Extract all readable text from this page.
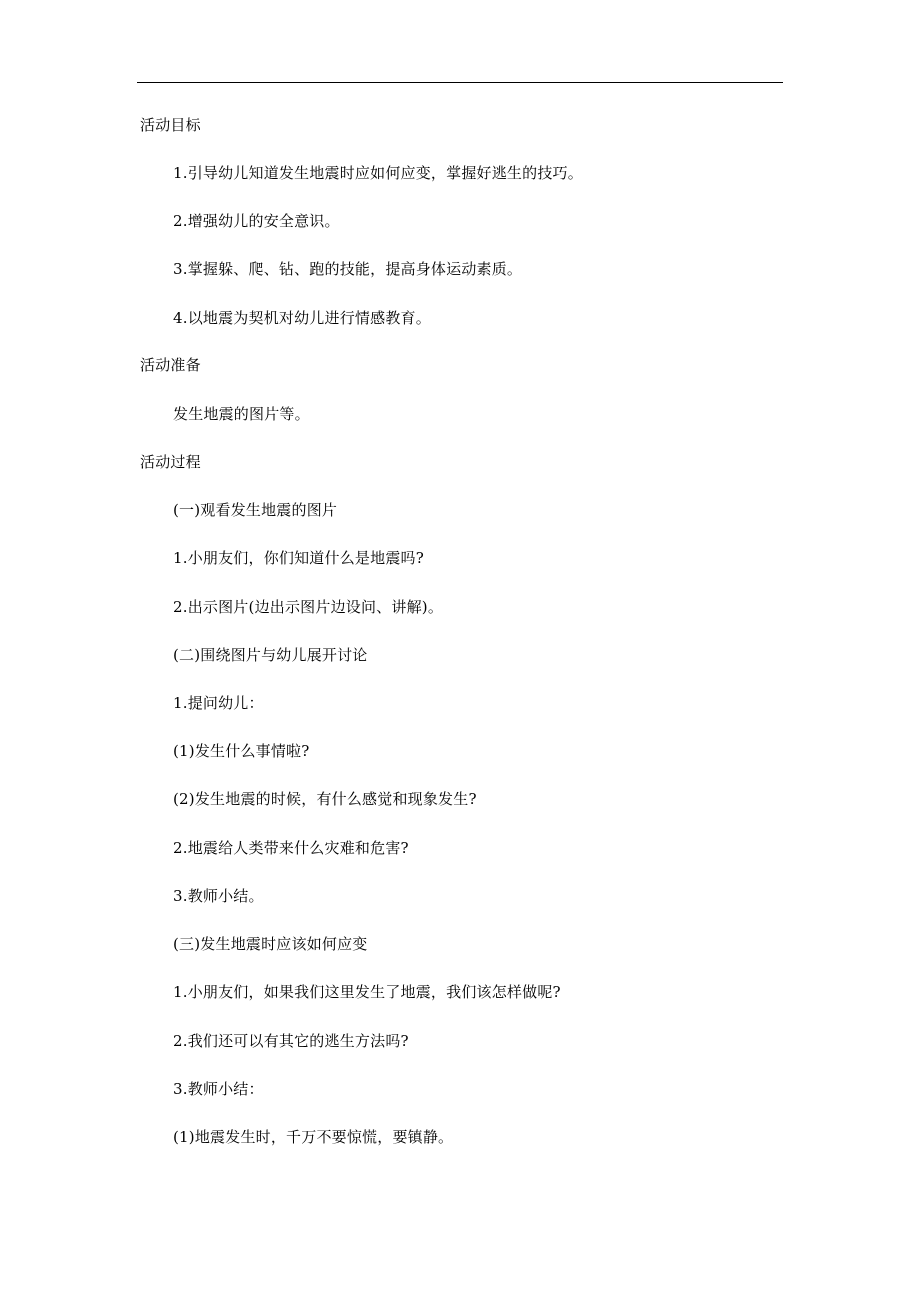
活动目标
1.引导幼儿知道发生地震时应如何应变，掌握好逃生的技巧。
2.增强幼儿的安全意识。
3.掌握躲、爬、钻、跑的技能，提高身体运动素质。
4.以地震为契机对幼儿进行情感教育。
活动准备
发生地震的图片等。
活动过程
(一)观看发生地震的图片
1.小朋友们，你们知道什么是地震吗?
2.出示图片(边出示图片边设问、讲解)。
(二)围绕图片与幼儿展开讨论
1.提问幼儿：
(1)发生什么事情啦?
(2)发生地震的时候，有什么感觉和现象发生?
2.地震给人类带来什么灾难和危害?
3.教师小结。
(三)发生地震时应该如何应变
1.小朋友们，如果我们这里发生了地震，我们该怎样做呢?
2.我们还可以有其它的逃生方法吗?
3.教师小结：
(1)地震发生时，千万不要惊慌，要镇静。
